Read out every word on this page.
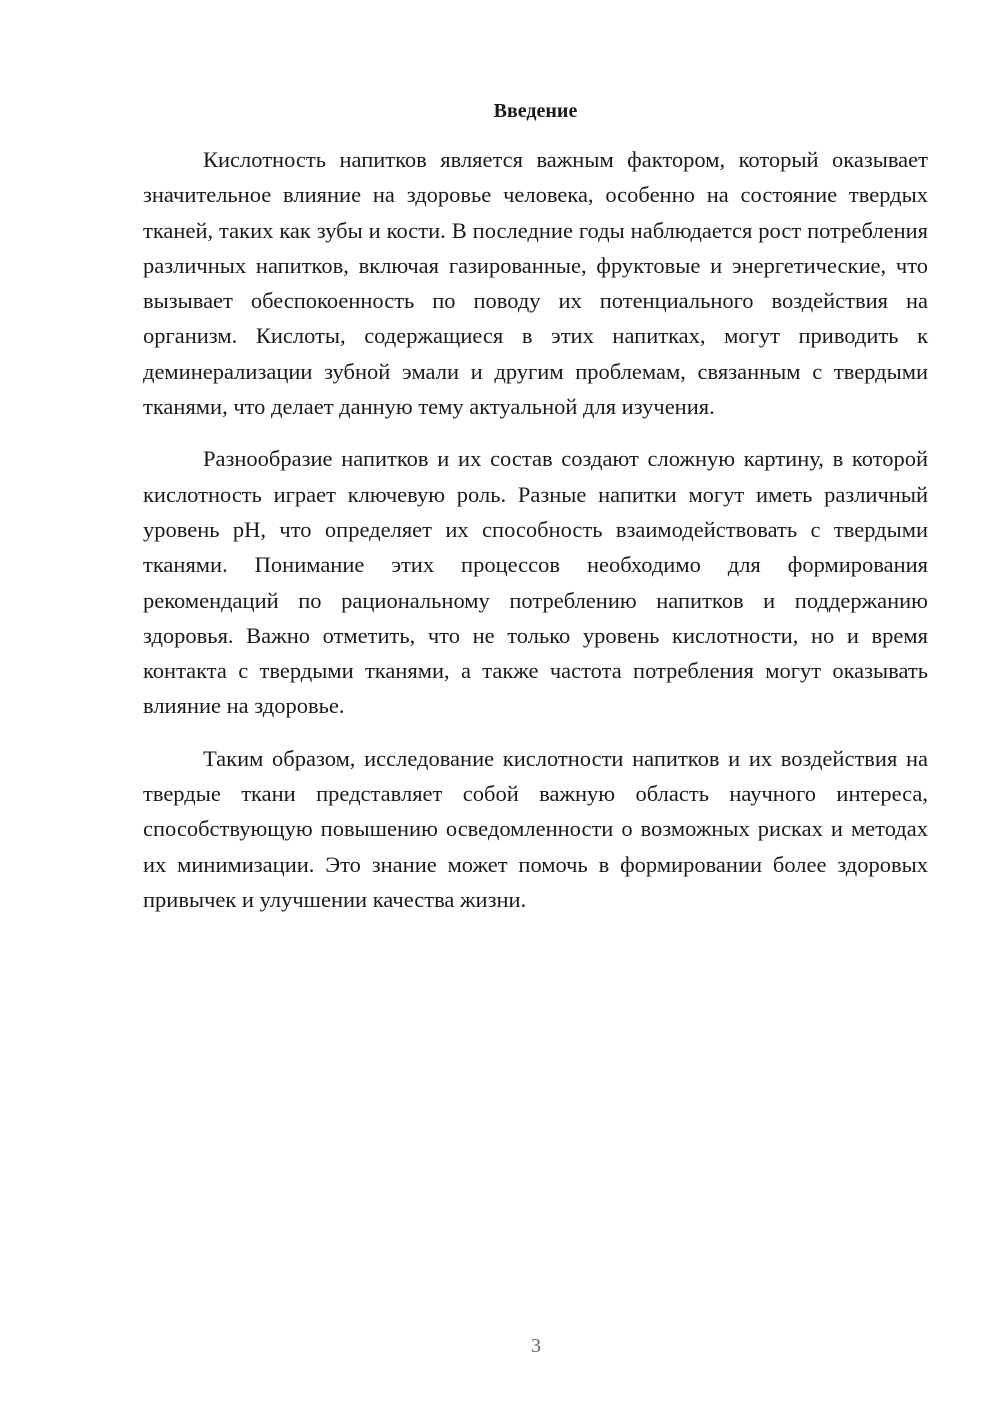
Введение

Кислотность напитков является важным фактором, который оказывает значительное влияние на здоровье человека, особенно на состояние твердых тканей, таких как зубы и кости. В последние годы наблюдается рост потребления различных напитков, включая газированные, фруктовые и энергетические, что вызывает обеспокоенность по поводу их потенциального воздействия на организм. Кислоты, содержащиеся в этих напитках, могут приводить к деминерализации зубной эмали и другим проблемам, связанным с твердыми тканями, что делает данную тему актуальной для изучения.

Разнообразие напитков и их состав создают сложную картину, в которой кислотность играет ключевую роль. Разные напитки могут иметь различный уровень pH, что определяет их способность взаимодействовать с твердыми тканями. Понимание этих процессов необходимо для формирования рекомендаций по рациональному потреблению напитков и поддержанию здоровья. Важно отметить, что не только уровень кислотности, но и время контакта с твердыми тканями, а также частота потребления могут оказывать влияние на здоровье.

Таким образом, исследование кислотности напитков и их воздействия на твердые ткани представляет собой важную область научного интереса, способствующую повышению осведомленности о возможных рисках и методах их минимизации. Это знание может помочь в формировании более здоровых привычек и улучшении качества жизни.

3
